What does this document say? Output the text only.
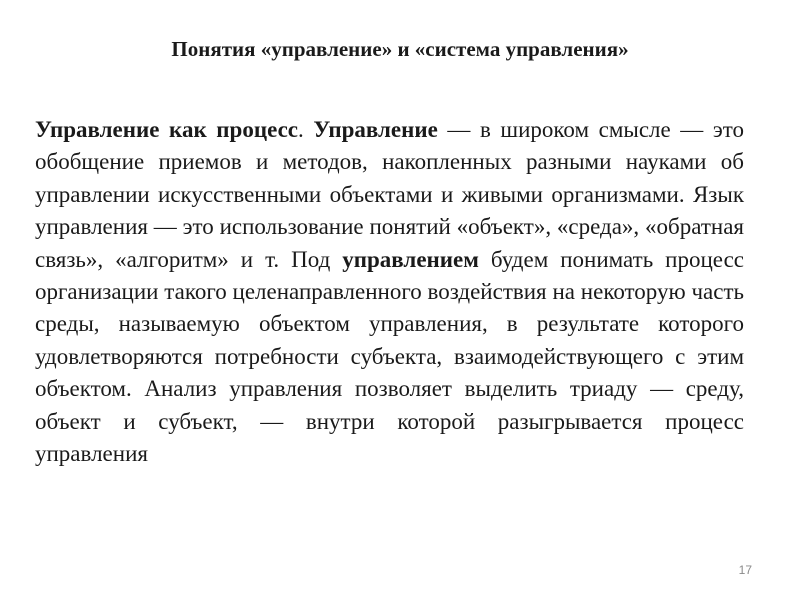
Понятия «управление» и «система управления»

Управление как процесс. Управление — в широком смысле — это обобщение приемов и методов, накопленных разными науками об управлении искусственными объектами и живыми организмами. Язык управления — это использование понятий «объект», «среда», «обратная связь», «алгоритм» и т. Под управлением будем понимать процесс организации такого целенаправленного воздействия на некоторую часть среды, называемую объектом управления, в результате которого удовлетворяются потребности субъекта, взаимодействующего с этим объектом. Анализ управления позволяет выделить триаду — среду, объект и субъект, — внутри которой разыгрывается процесс управления

17
